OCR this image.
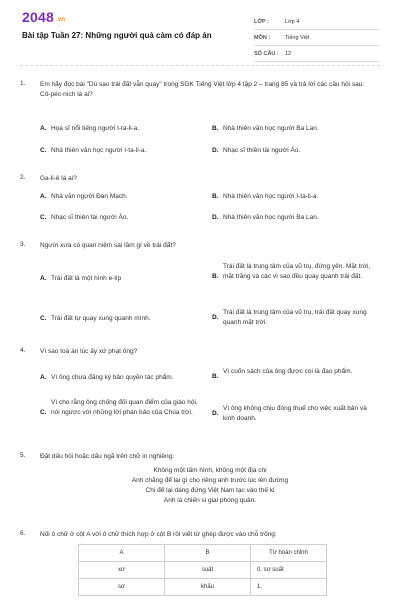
2048 .vn
Bài tập Tuần 27: Những người quả cảm có đáp án
LỚP :	Lớp 4
MÔN :	Tiếng Việt
SỐ CÂU :	12
1. Em hãy đọc bài "Dù sao trái đất vẫn quay" trong SGK Tiếng Việt lớp 4 tập 2 – trang 85 và trả lời các câu hỏi sau:
Cô-péc-ních là ai?
A. Họa sĩ nổi tiếng người I-ta-li-a.	B. Nhà thiên văn học người Ba Lan.
C. Nhà thiên văn học người I-ta-li-a.	D. Nhạc sĩ thiên tài người Áo.
2. Ga-li-ê là ai?
A. Nhà văn người Đan Mạch.	B. Nhà thiên văn học người I-ta-li-a.
C. Nhạc sĩ thiên tài người Áo.	D. Nhà thiên văn học người Ba Lan.
3. Người xưa có quan niệm sai lầm gì về trái đất?
A. Trái đất là một hình e-líp	B.
Trái đất là trung tâm của vũ trụ, đứng yên. Mặt trời, mặt trăng và các vì sao đều quay quanh trái đất.
C. Trái đất tự quay xung quanh mình.	D.
Trái đất là trung tâm của vũ trụ, trái đất quay xung quanh mặt trời.
4. Vì sao toà án lúc ấy xử phạt ông?
A. Vì ông chưa đăng ký bản quyền tác phẩm.	B.
Vì cuốn sách của ông được coi là đạo phẩm.
C.
Vì cho rằng ông chống đối quan điểm của giáo hội, nói ngược với những lời phán bảo của Chúa trời.	D.
Vì ông không chịu đóng thuế cho việc xuất bản và kinh doanh.
5. Đặt dấu hỏi hoặc dấu ngã trên chữ in nghiêng:
Không một tấm hình, không một địa chi
Anh chăng để lại gì cho riêng anh trước lúc lên đường
Chi để lại dáng đứng Việt Nam tạc vào thế ki
Anh là chiến si giai phóng quân.
6. Nối ô chữ ở cột A với ô chữ thích hợp ở cột B rồi viết từ ghép được vào chỗ trống:
A	B	Từ hoàn chỉnh
xơ	suất	0. sơ suất
sơ	khấu	1.
